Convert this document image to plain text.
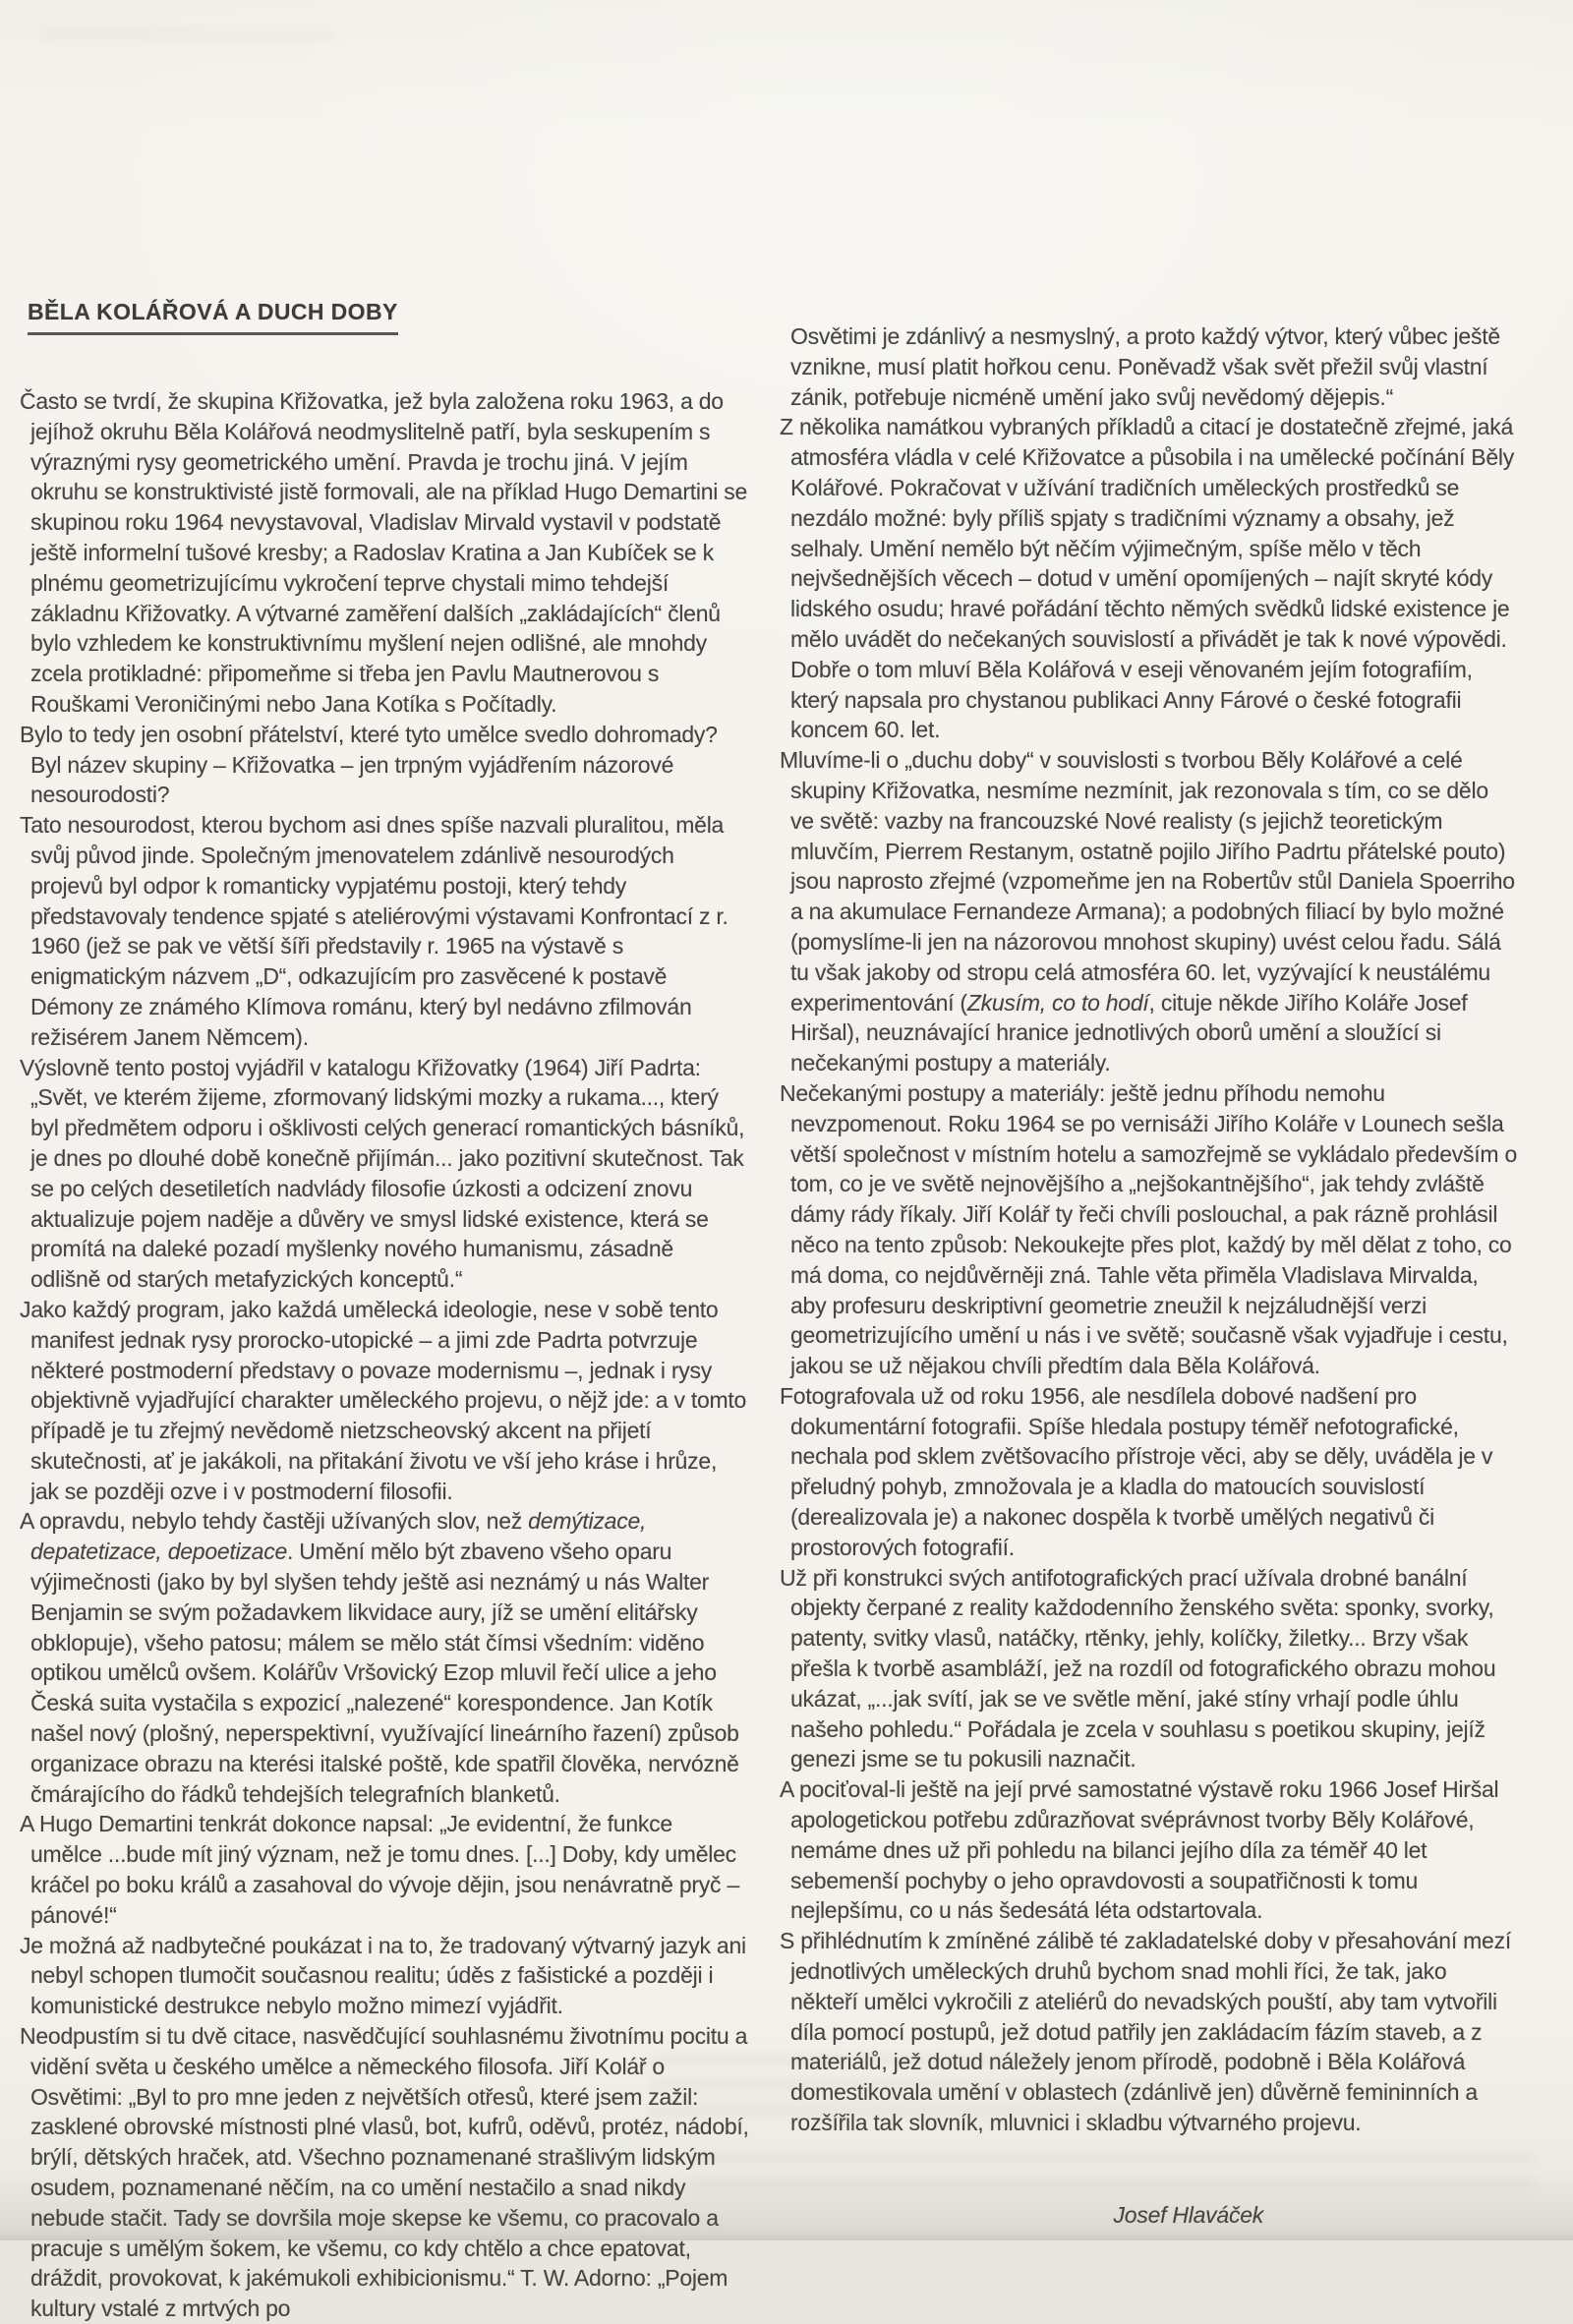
BĚLA KOLÁŘOVÁ A DUCH DOBY

Často se tvrdí, že skupina Křižovatka, jež byla založena roku 1963, a do jejíhož okruhu Běla Kolářová neodmyslitelně patří, byla seskupením s výraznými rysy geometrického umění. Pravda je trochu jiná. V jejím okruhu se konstruktivisté jistě formovali, ale na příklad Hugo Demartini se skupinou roku 1964 nevystavoval, Vladislav Mirvald vystavil v podstatě ještě informelní tušové kresby; a Radoslav Kratina a Jan Kubíček se k plnému geometrizujícímu vykročení teprve chystali mimo tehdejší základnu Křižovatky. A výtvarné zaměření dalších „zakládajících“ členů bylo vzhledem ke konstruktivnímu myšlení nejen odlišné, ale mnohdy zcela protikladné: připomeňme si třeba jen Pavlu Mautnerovou s Rouškami Veroničinými nebo Jana Kotíka s Počítadly.

Bylo to tedy jen osobní přátelství, které tyto umělce svedlo dohromady? Byl název skupiny – Křižovatka – jen trpným vyjádřením názorové nesourodosti?

Tato nesourodost, kterou bychom asi dnes spíše nazvali pluralitou, měla svůj původ jinde. Společným jmenovatelem zdánlivě nesourodých projevů byl odpor k romanticky vypjatému postoji, který tehdy představovaly tendence spjaté s ateliérovými výstavami Konfrontací z r. 1960 (jež se pak ve větší šíři představily r. 1965 na výstavě s enigmatickým názvem „D“, odkazujícím pro zasvěcené k postavě Démony ze známého Klímova románu, který byl nedávno zfilmován režisérem Janem Němcem).

Výslovně tento postoj vyjádřil v katalogu Křižovatky (1964) Jiří Padrta: „Svět, ve kterém žijeme, zformovaný lidskými mozky a rukama..., který byl předmětem odporu i ošklivosti celých generací romantických básníků, je dnes po dlouhé době konečně přijímán... jako pozitivní skutečnost. Tak se po celých desetiletích nadvlády filosofie úzkosti a odcizení znovu aktualizuje pojem naděje a důvěry ve smysl lidské existence, která se promítá na daleké pozadí myšlenky nového humanismu, zásadně odlišně od starých metafyzických konceptů.“

Jako každý program, jako každá umělecká ideologie, nese v sobě tento manifest jednak rysy prorocko-utopické – a jimi zde Padrta potvrzuje některé postmoderní představy o povaze modernismu –, jednak i rysy objektivně vyjadřující charakter uměleckého projevu, o nějž jde: a v tomto případě je tu zřejmý nevědomě nietzscheovský akcent na přijetí skutečnosti, ať je jakákoli, na přitakání životu ve vší jeho kráse i hrůze, jak se později ozve i v postmoderní filosofii.

A opravdu, nebylo tehdy častěji užívaných slov, než demýtizace, depatetizace, depoetizace. Umění mělo být zbaveno všeho oparu výjimečnosti (jako by byl slyšen tehdy ještě asi neznámý u nás Walter Benjamin se svým požadavkem likvidace aury, jíž se umění elitářsky obklopuje), všeho patosu; málem se mělo stát čímsi všedním: viděno optikou umělců ovšem. Kolářův Vršovický Ezop mluvil řečí ulice a jeho Česká suita vystačila s expozicí „nalezené“ korespondence. Jan Kotík našel nový (plošný, neperspektivní, využívající lineárního řazení) způsob organizace obrazu na kterési italské poště, kde spatřil člověka, nervózně čmárajícího do řádků tehdejších telegrafních blanketů.

A Hugo Demartini tenkrát dokonce napsal: „Je evidentní, že funkce umělce ...bude mít jiný význam, než je tomu dnes. [...] Doby, kdy umělec kráčel po boku králů a zasahoval do vývoje dějin, jsou nenávratně pryč – pánové!“

Je možná až nadbytečné poukázat i na to, že tradovaný výtvarný jazyk ani nebyl schopen tlumočit současnou realitu; úděs z fašistické a později i komunistické destrukce nebylo možno mimezí vyjádřit.

Neodpustím si tu dvě citace, nasvědčující souhlasnému životnímu pocitu a vidění světa u českého umělce a německého filosofa. Jiří Kolář o Osvětimi: „Byl to pro mne jeden z největších otřesů, které jsem zažil: zasklené obrovské místnosti plné vlasů, bot, kufrů, oděvů, protéz, nádobí, brýlí, dětských hraček, atd. Všechno poznamenané strašlivým lidským osudem, poznamenané něčím, na co umění nestačilo a snad nikdy nebude stačit. Tady se dovršila moje skepse ke všemu, co pracovalo a pracuje s umělým šokem, ke všemu, co kdy chtělo a chce epatovat, dráždit, provokovat, k jakémukoli exhibicionismu.“ T. W. Adorno: „Pojem kultury vstalé z mrtvých po

Osvětimi je zdánlivý a nesmyslný, a proto každý výtvor, který vůbec ještě vznikne, musí platit hořkou cenu. Poněvadž však svět přežil svůj vlastní zánik, potřebuje nicméně umění jako svůj nevědomý dějepis.“

Z několika namátkou vybraných příkladů a citací je dostatečně zřejmé, jaká atmosféra vládla v celé Křižovatce a působila i na umělecké počínání Běly Kolářové. Pokračovat v užívání tradičních uměleckých prostředků se nezdálo možné: byly příliš spjaty s tradičními významy a obsahy, jež selhaly. Umění nemělo být něčím výjimečným, spíše mělo v těch nejvšednějších věcech – dotud v umění opomíjených – najít skryté kódy lidského osudu; hravé pořádání těchto němých svědků lidské existence je mělo uvádět do nečekaných souvislostí a přivádět je tak k nové výpovědi. Dobře o tom mluví Běla Kolářová v eseji věnovaném jejím fotografiím, který napsala pro chystanou publikaci Anny Fárové o české fotografii koncem 60. let.

Mluvíme-li o „duchu doby“ v souvislosti s tvorbou Běly Kolářové a celé skupiny Křižovatka, nesmíme nezmínit, jak rezonovala s tím, co se dělo ve světě: vazby na francouzské Nové realisty (s jejichž teoretickým mluvčím, Pierrem Restanym, ostatně pojilo Jiřího Padrtu přátelské pouto) jsou naprosto zřejmé (vzpomeňme jen na Robertův stůl Daniela Spoerriho a na akumulace Fernandeze Armana); a podobných filiací by bylo možné (pomyslíme-li jen na názorovou mnohost skupiny) uvést celou řadu. Sálá tu však jakoby od stropu celá atmosféra 60. let, vyzývající k neustálému experimentování (Zkusím, co to hodí, cituje někde Jiřího Koláře Josef Hiršal), neuznávající hranice jednotlivých oborů umění a sloužící si nečekanými postupy a materiály.

Nečekanými postupy a materiály: ještě jednu příhodu nemohu nevzpomenout. Roku 1964 se po vernisáži Jiřího Koláře v Lounech sešla větší společnost v místním hotelu a samozřejmě se vykládalo především o tom, co je ve světě nejnovějšího a „nejšokantnějšího“, jak tehdy zvláště dámy rády říkaly. Jiří Kolář ty řeči chvíli poslouchal, a pak rázně prohlásil něco na tento způsob: Nekoukejte přes plot, každý by měl dělat z toho, co má doma, co nejdůvěrněji zná. Tahle věta přiměla Vladislava Mirvalda, aby profesuru deskriptivní geometrie zneužil k nejzáludnější verzi geometrizujícího umění u nás i ve světě; současně však vyjadřuje i cestu, jakou se už nějakou chvíli předtím dala Běla Kolářová.

Fotografovala už od roku 1956, ale nesdílela dobové nadšení pro dokumentární fotografii. Spíše hledala postupy téměř nefotografické, nechala pod sklem zvětšovacího přístroje věci, aby se děly, uváděla je v přeludný pohyb, zmnožovala je a kladla do matoucích souvislostí (derealizovala je) a nakonec dospěla k tvorbě umělých negativů či prostorových fotografií.

Už při konstrukci svých antifotografických prací užívala drobné banální objekty čerpané z reality každodenního ženského světa: sponky, svorky, patenty, svitky vlasů, natáčky, rtěnky, jehly, kolíčky, žiletky... Brzy však přešla k tvorbě asambláží, jež na rozdíl od fotografického obrazu mohou ukázat, „...jak svítí, jak se ve světle mění, jaké stíny vrhají podle úhlu našeho pohledu.“ Pořádala je zcela v souhlasu s poetikou skupiny, jejíž genezi jsme se tu pokusili naznačit.

A pociťoval-li ještě na její prvé samostatné výstavě roku 1966 Josef Hiršal apologetickou potřebu zdůrazňovat svéprávnost tvorby Běly Kolářové, nemáme dnes už při pohledu na bilanci jejího díla za téměř 40 let sebemenší pochyby o jeho opravdovosti a soupatřičnosti k tomu nejlepšímu, co u nás šedesátá léta odstartovala.

S přihlédnutím k zmíněné zálibě té zakladatelské doby v přesahování mezí jednotlivých uměleckých druhů bychom snad mohli říci, že tak, jako někteří umělci vykročili z ateliérů do nevadských pouští, aby tam vytvořili díla pomocí postupů, jež dotud patřily jen zakládacím fázím staveb, a z materiálů, jež dotud náležely jenom přírodě, podobně i Běla Kolářová domestikovala umění v oblastech (zdánlivě jen) důvěrně femininních a rozšířila tak slovník, mluvnici i skladbu výtvarného projevu.

Josef Hlaváček
